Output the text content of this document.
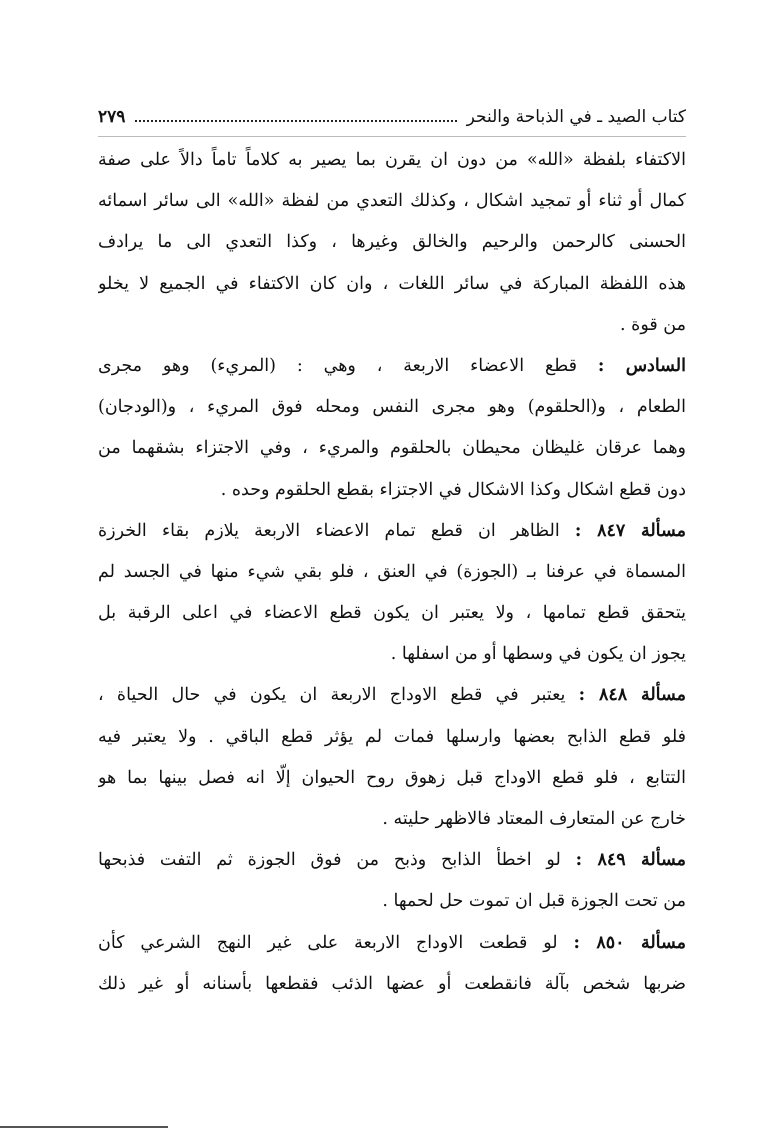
كتاب الصيد ـ في الذباحة والنحر
٢٧٩
الاكتفاء بلفظة «الله» من دون ان يقرن بما يصير به كلاماً تاماً دالاً على صفة
كمال أو ثناء أو تمجيد اشكال ، وكذلك التعدي من لفظة «الله» الى سائر اسمائه
الحسنى كالرحمن والرحيم والخالق وغيرها ، وكذا التعدي الى ما يرادف
هذه اللفظة المباركة في سائر اللغات ، وان كان الاكتفاء في الجميع لا يخلو
من قوة .
السادس : قطع الاعضاء الاربعة ، وهي : (المريء) وهو مجرى
الطعام ، و(الحلقوم) وهو مجرى النفس ومحله فوق المريء ، و(الودجان)
وهما عرقان غليظان محيطان بالحلقوم والمريء ، وفي الاجتزاء بشقهما من
دون قطع اشكال وكذا الاشكال في الاجتزاء بقطع الحلقوم وحده .
مسألة ٨٤٧ : الظاهر ان قطع تمام الاعضاء الاربعة يلازم بقاء الخرزة
المسماة في عرفنا بـ (الجوزة) في العنق ، فلو بقي شيء منها في الجسد لم
يتحقق قطع تمامها ، ولا يعتبر ان يكون قطع الاعضاء في اعلى الرقبة بل
يجوز ان يكون في وسطها أو من اسفلها .
مسألة ٨٤٨ : يعتبر في قطع الاوداج الاربعة ان يكون في حال الحياة ،
فلو قطع الذابح بعضها وارسلها فمات لم يؤثر قطع الباقي . ولا يعتبر فيه
التتابع ، فلو قطع الاوداج قبل زهوق روح الحيوان إلّا انه فصل بينها بما هو
خارج عن المتعارف المعتاد فالاظهر حليته .
مسألة ٨٤٩ : لو اخطأ الذابح وذبح من فوق الجوزة ثم التفت فذبحها
من تحت الجوزة قبل ان تموت حل لحمها .
مسألة ٨٥٠ : لو قطعت الاوداج الاربعة على غير النهج الشرعي كأن
ضربها شخص بآلة فانقطعت أو عضها الذئب فقطعها بأسنانه أو غير ذلك
